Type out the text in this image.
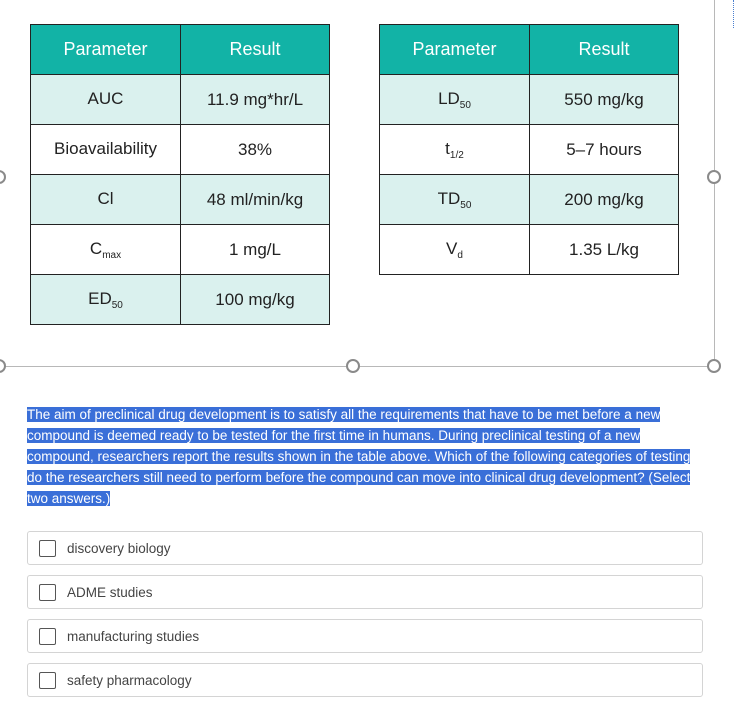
Parameter	Result
AUC	11.9 mg*hr/L
Bioavailability	38%
Cl	48 ml/min/kg
$C_{max}$	1 mg/L
$ED_{50}$	100 mg/kg
Parameter	Result
$LD_{50}$	550 mg/kg
$t_{1/2}$	5–7 hours
$TD_{50}$	200 mg/kg
$V_d$	1.35 L/kg
The aim of preclinical drug development is to satisfy all the requirements that have to be met before a new compound is deemed ready to be tested for the first time in humans. During preclinical testing of a new compound, researchers report the results shown in the table above. Which of the following categories of testing do the researchers still need to perform before the compound can move into clinical drug development? (Select two answers.)
discovery biology
ADME studies
manufacturing studies
safety pharmacology
